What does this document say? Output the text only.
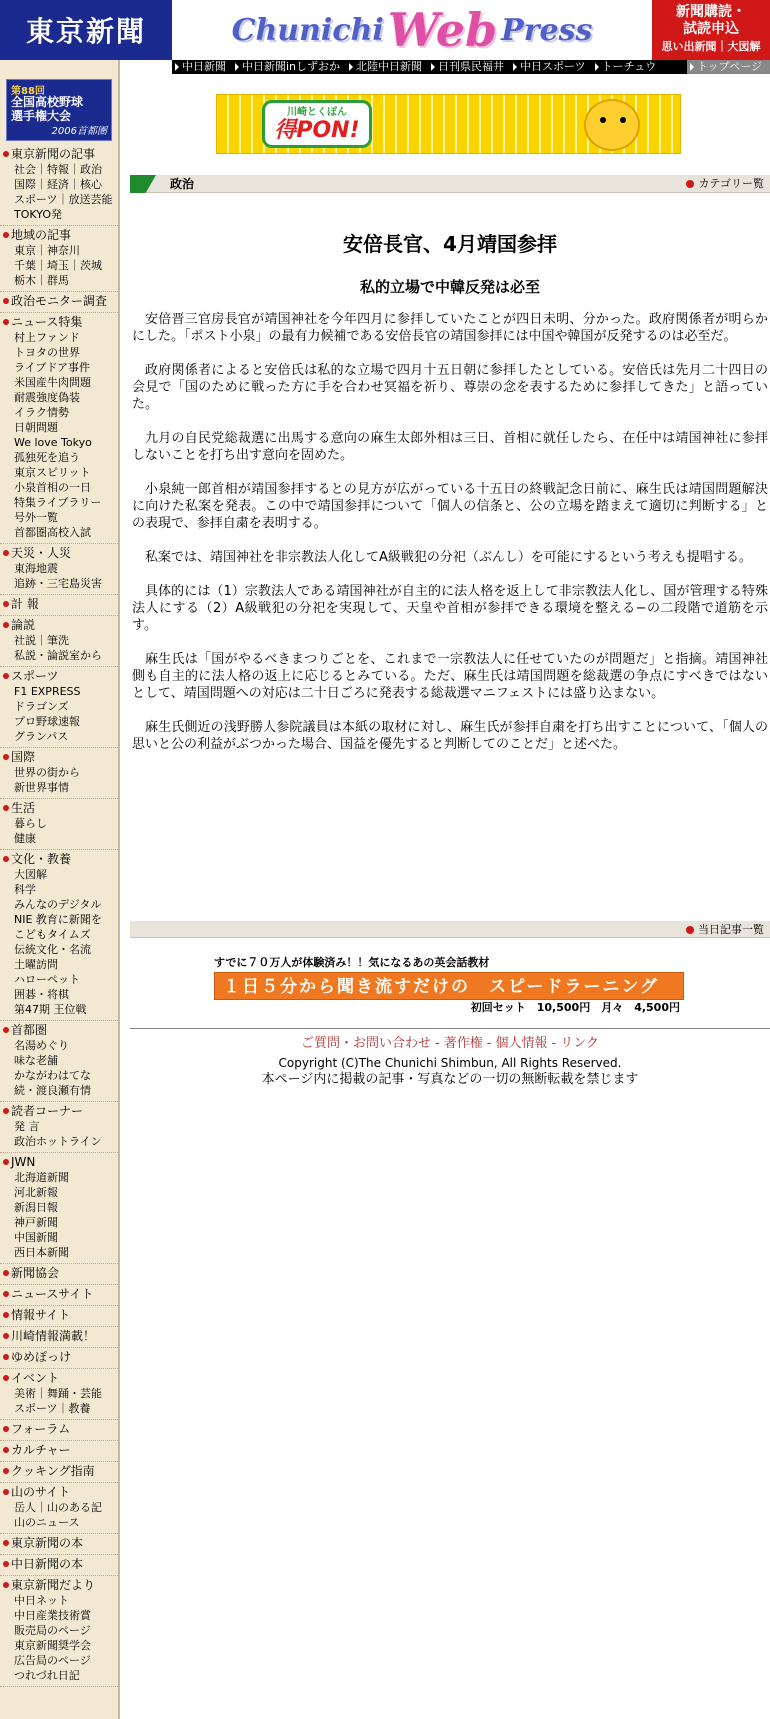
東京新聞	Chunichi Web Press
新聞購読・
試読申込
思い出新聞｜大図解
中日新聞	中日新聞inしずおか	北陸中日新聞	日刊県民福井	中日スポーツ	トーチュウ	トップページ
第88回
全国高校野球
選手権大会
2006首都圏
東京新聞の記事
社会｜特報｜政治
国際｜経済｜核心
スポーツ｜放送芸能
TOKYO発
地域の記事
東京｜神奈川
千葉｜埼玉｜茨城
栃木｜群馬
政治モニター調査
ニュース特集
村上ファンド
トヨタの世界
ライブドア事件
米国産牛肉問題
耐震強度偽装
イラク情勢
日朝問題
We love Tokyo
孤独死を追う
東京スピリット
小泉首相の一日
特集ライブラリー
号外一覧
首都圏高校入試
天災・人災
東海地震
追跡・三宅島災害
計 報
論説
社説｜筆洗
私説・論説室から
スポーツ
F1 EXPRESS
ドラゴンズ
プロ野球速報
グランパス
国際
世界の街から
新世界事情
生活
暮らし
健康
文化・教養
大図解
科学
みんなのデジタル
NIE 教育に新聞を
こどもタイムズ
伝統文化・名流
土曜訪問
ハローペット
囲碁・将棋
第47期 王位戦
首都圏
名湯めぐり
味な老舗
かながわはてな
続・渡良瀬有情
読者コーナー
発 言
政治ホットライン
JWN
北海道新聞
河北新報
新潟日報
神戸新聞
中国新聞
西日本新聞
新聞協会
ニュースサイト
情報サイト
川崎情報満載！
ゆめぽっけ
イベント
美術｜舞踊・芸能
スポーツ｜教養
フォーラム
カルチャー
クッキング指南
山のサイト
岳人｜山のある記
山のニュース
東京新聞の本
中日新聞の本
東京新聞だより
中日ネット
中日産業技術賞
販売局のページ
東京新聞奨学会
広告局のページ
つれづれ日記
川崎とくぽん
得PON!
政治	カテゴリー覧
安倍長官、4月靖国参拝
私的立場で中韓反発は必至

安倍晋三官房長官が靖国神社を今年四月に参拝していたことが四日未明、分かった。政府関係者が明らかにした。「ポスト小泉」の最有力候補である安倍長官の靖国参拝には中国や韓国が反発するのは必至だ。

政府関係者によると安倍氏は私的な立場で四月十五日朝に参拝したとしている。安倍氏は先月二十四日の会見で「国のために戦った方に手を合わせ冥福を祈り、尊崇の念を表するために参拝してきた」と語っていた。

九月の自民党総裁選に出馬する意向の麻生太郎外相は三日、首相に就任したら、在任中は靖国神社に参拝しないことを打ち出す意向を固めた。

小泉純一郎首相が靖国参拝するとの見方が広がっている十五日の終戦記念日前に、麻生氏は靖国問題解決に向けた私案を発表。この中で靖国参拝について「個人の信条と、公の立場を踏まえて適切に判断する」との表現で、参拝自粛を表明する。

私案では、靖国神社を非宗教法人化してA級戦犯の分祀（ぶんし）を可能にするという考えも提唱する。

具体的には（1）宗教法人である靖国神社が自主的に法人格を返上して非宗教法人化し、国が管理する特殊法人にする（2）A級戦犯の分祀を実現して、天皇や首相が参拝できる環境を整える−の二段階で道筋を示す。

麻生氏は「国がやるべきまつりごとを、これまで一宗教法人に任せていたのが問題だ」と指摘。靖国神社側も自主的に法人格の返上に応じるとみている。ただ、麻生氏は靖国問題を総裁選の争点にすべきではないとして、靖国問題への対応は二十日ごろに発表する総裁選マニフェストには盛り込まない。

麻生氏側近の浅野勝人参院議員は本紙の取材に対し、麻生氏が参拝自粛を打ち出すことについて、「個人の思いと公の利益がぶつかった場合、国益を優先すると判断してのことだ」と述べた。

当日記事一覧
すでに７０万人が体験済み！！気になるあの英会話教材
１日５分から聞き流すだけの　スピードラーニング
初回セット　10,500円　月々　4,500円
ご質問・お問い合わせ - 著作権 - 個人情報 - リンク
Copyright (C)The Chunichi Shimbun, All Rights Reserved.
本ページ内に掲載の記事・写真などの一切の無断転載を禁じます
